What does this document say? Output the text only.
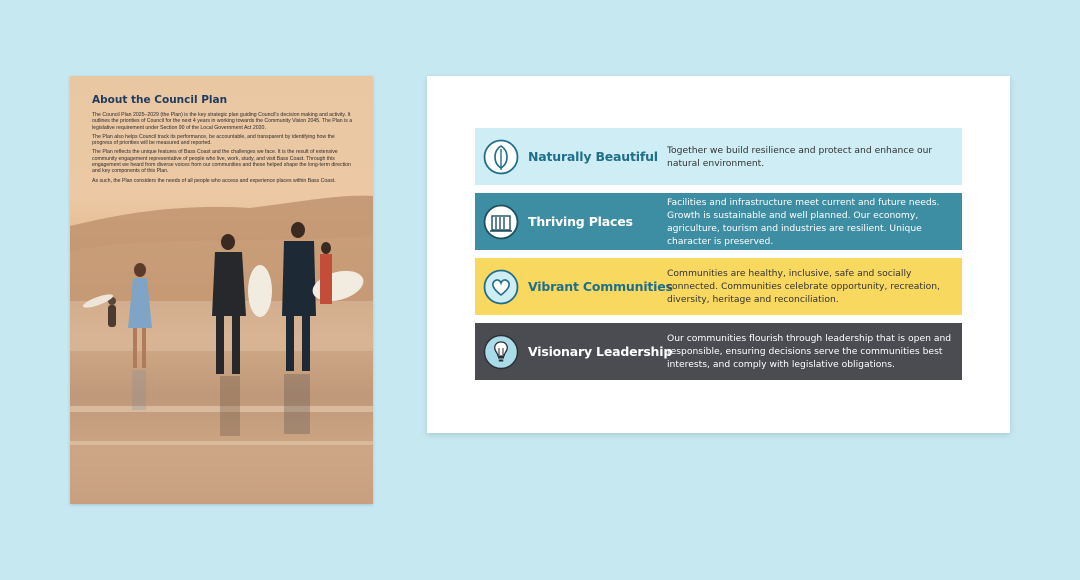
About the Council Plan

The Council Plan 2025–2029 (the Plan) is the key strategic plan guiding Council's decision making and activity. It outlines the priorities of Council for the next 4 years in working towards the Community Vision 2045. The Plan is a legislative requirement under Section 90 of the Local Government Act 2020.

The Plan also helps Council track its performance, be accountable, and transparent by identifying how the progress of priorities will be measured and reported.

The Plan reflects the unique features of Bass Coast and the challenges we face. It is the result of extensive community engagement representative of people who live, work, study, and visit Bass Coast. Through this engagement we heard from diverse voices from our communities and these helped shape the long-term direction and key components of this Plan.

As such, the Plan considers the needs of all people who access and experience places within Bass Coast.

Naturally Beautiful Together we build resilience and protect and enhance our natural environment.
Thriving Places
Facilities and infrastructure meet current and future needs. Growth is sustainable and well planned. Our economy, agriculture, tourism and industries are resilient. Unique character is preserved.
Vibrant Communities
Communities are healthy, inclusive, safe and socially connected. Communities celebrate opportunity, recreation, diversity, heritage and reconciliation.
Visionary Leadership
Our communities flourish through leadership that is open and responsible, ensuring decisions serve the communities best interests, and comply with legislative obligations.
